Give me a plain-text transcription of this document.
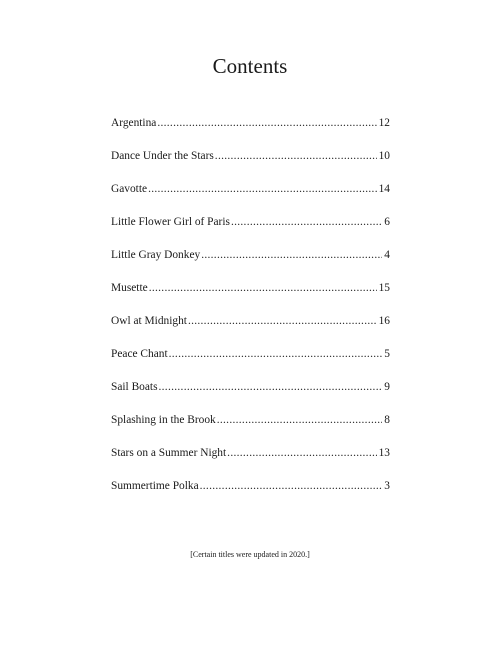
Contents
Argentina .....	12
Dance Under the Stars .....	10
Gavotte .....	14
Little Flower Girl of Paris .....	6
Little Gray Donkey .....	4
Musette .....	15
Owl at Midnight .....	16
Peace Chant .....	5
Sail Boats .....	9
Splashing in the Brook .....	8
Stars on a Summer Night .....	13
Summertime Polka .....	3
[Certain titles were updated in 2020.]
